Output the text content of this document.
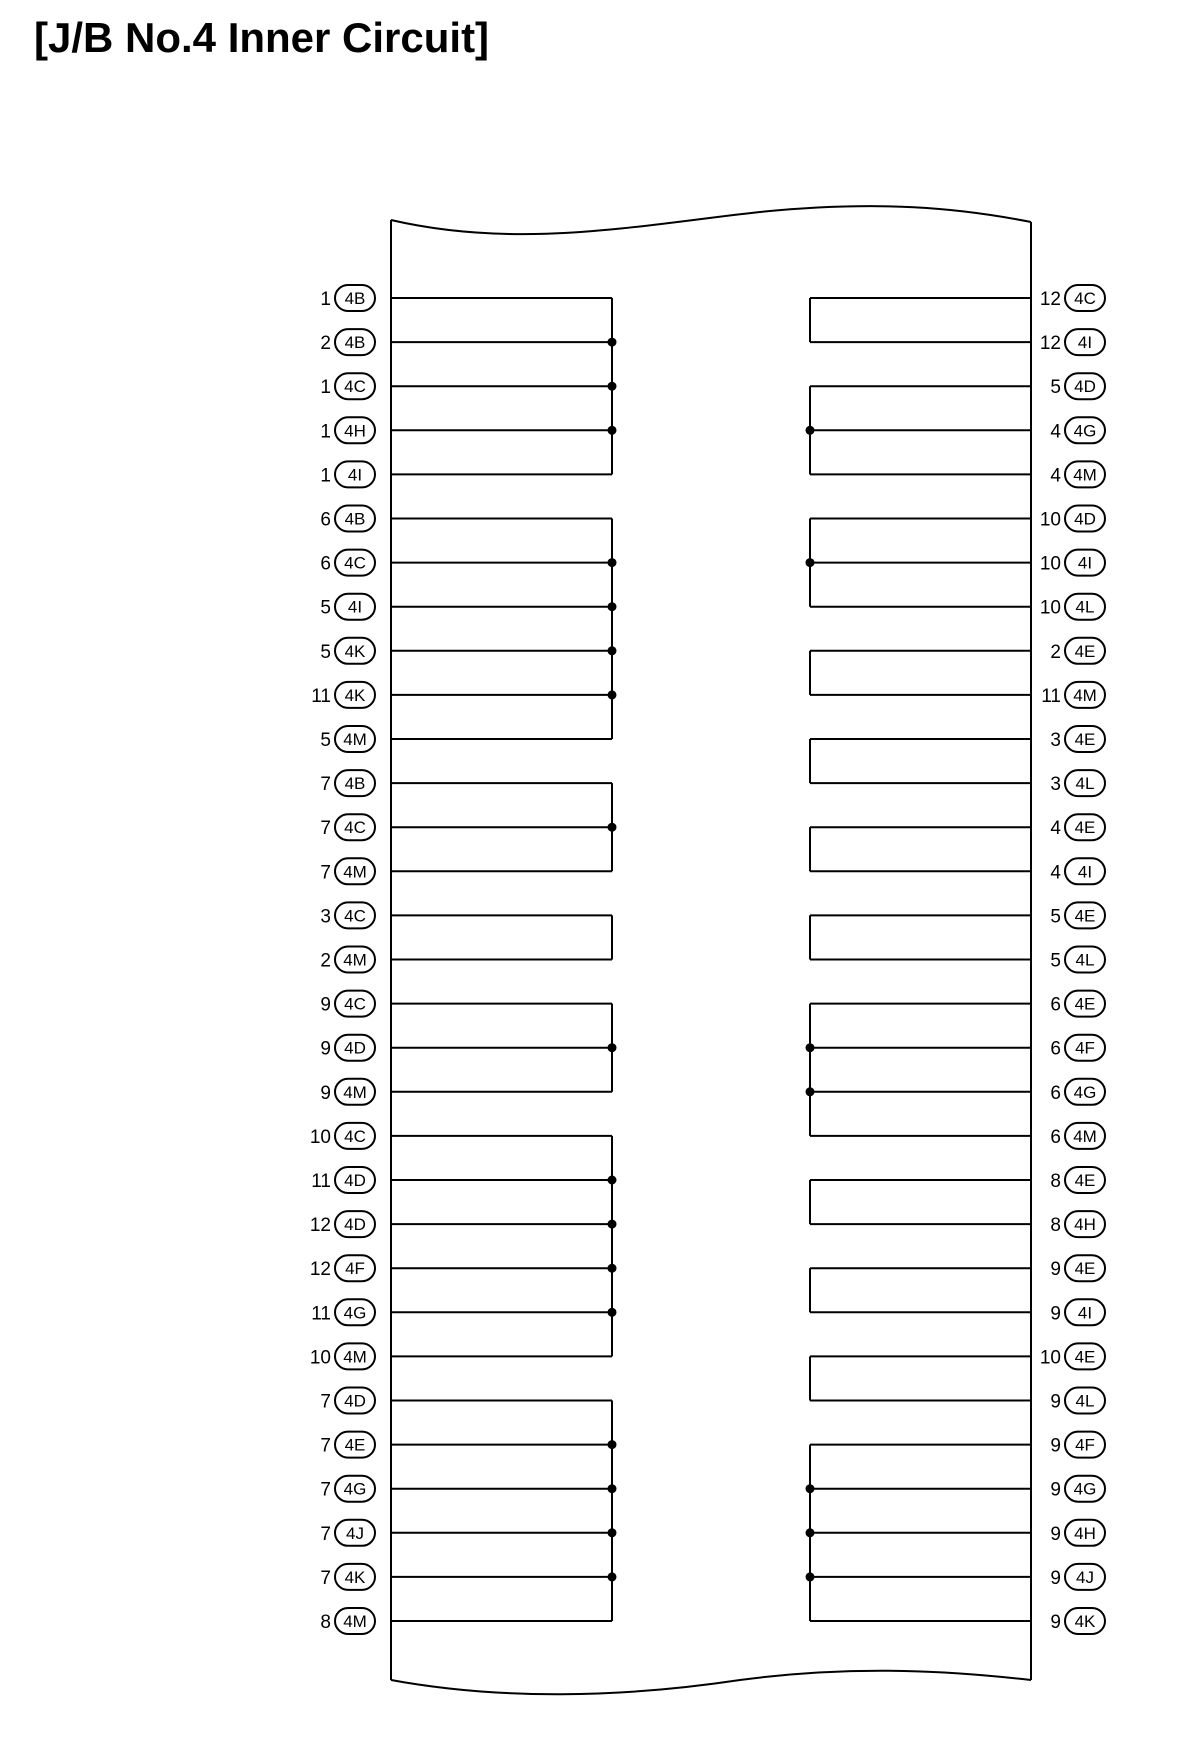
[J/B No.4 Inner Circuit]
1 4B
2 4B
1 4C
1 4H
1 4I
6 4B
6 4C
5 4I
5 4K
11 4K
5 4M
7 4B
7 4C
7 4M
3 4C
2 4M
9 4C
9 4D
9 4M
10 4C
11 4D
12 4D
12 4F
11 4G
10 4M
7 4D
7 4E
7 4G
7 4J
7 4K
8 4M
12 4C
12 4I
5 4D
4 4G
4 4M
10 4D
10 4I
10 4L
2 4E
11 4M
3 4E
3 4L
4 4E
4 4I
5 4E
5 4L
6 4E
6 4F
6 4G
6 4M
8 4E
8 4H
9 4E
9 4I
10 4E
9 4L
9 4F
9 4G
9 4H
9 4J
9 4K
